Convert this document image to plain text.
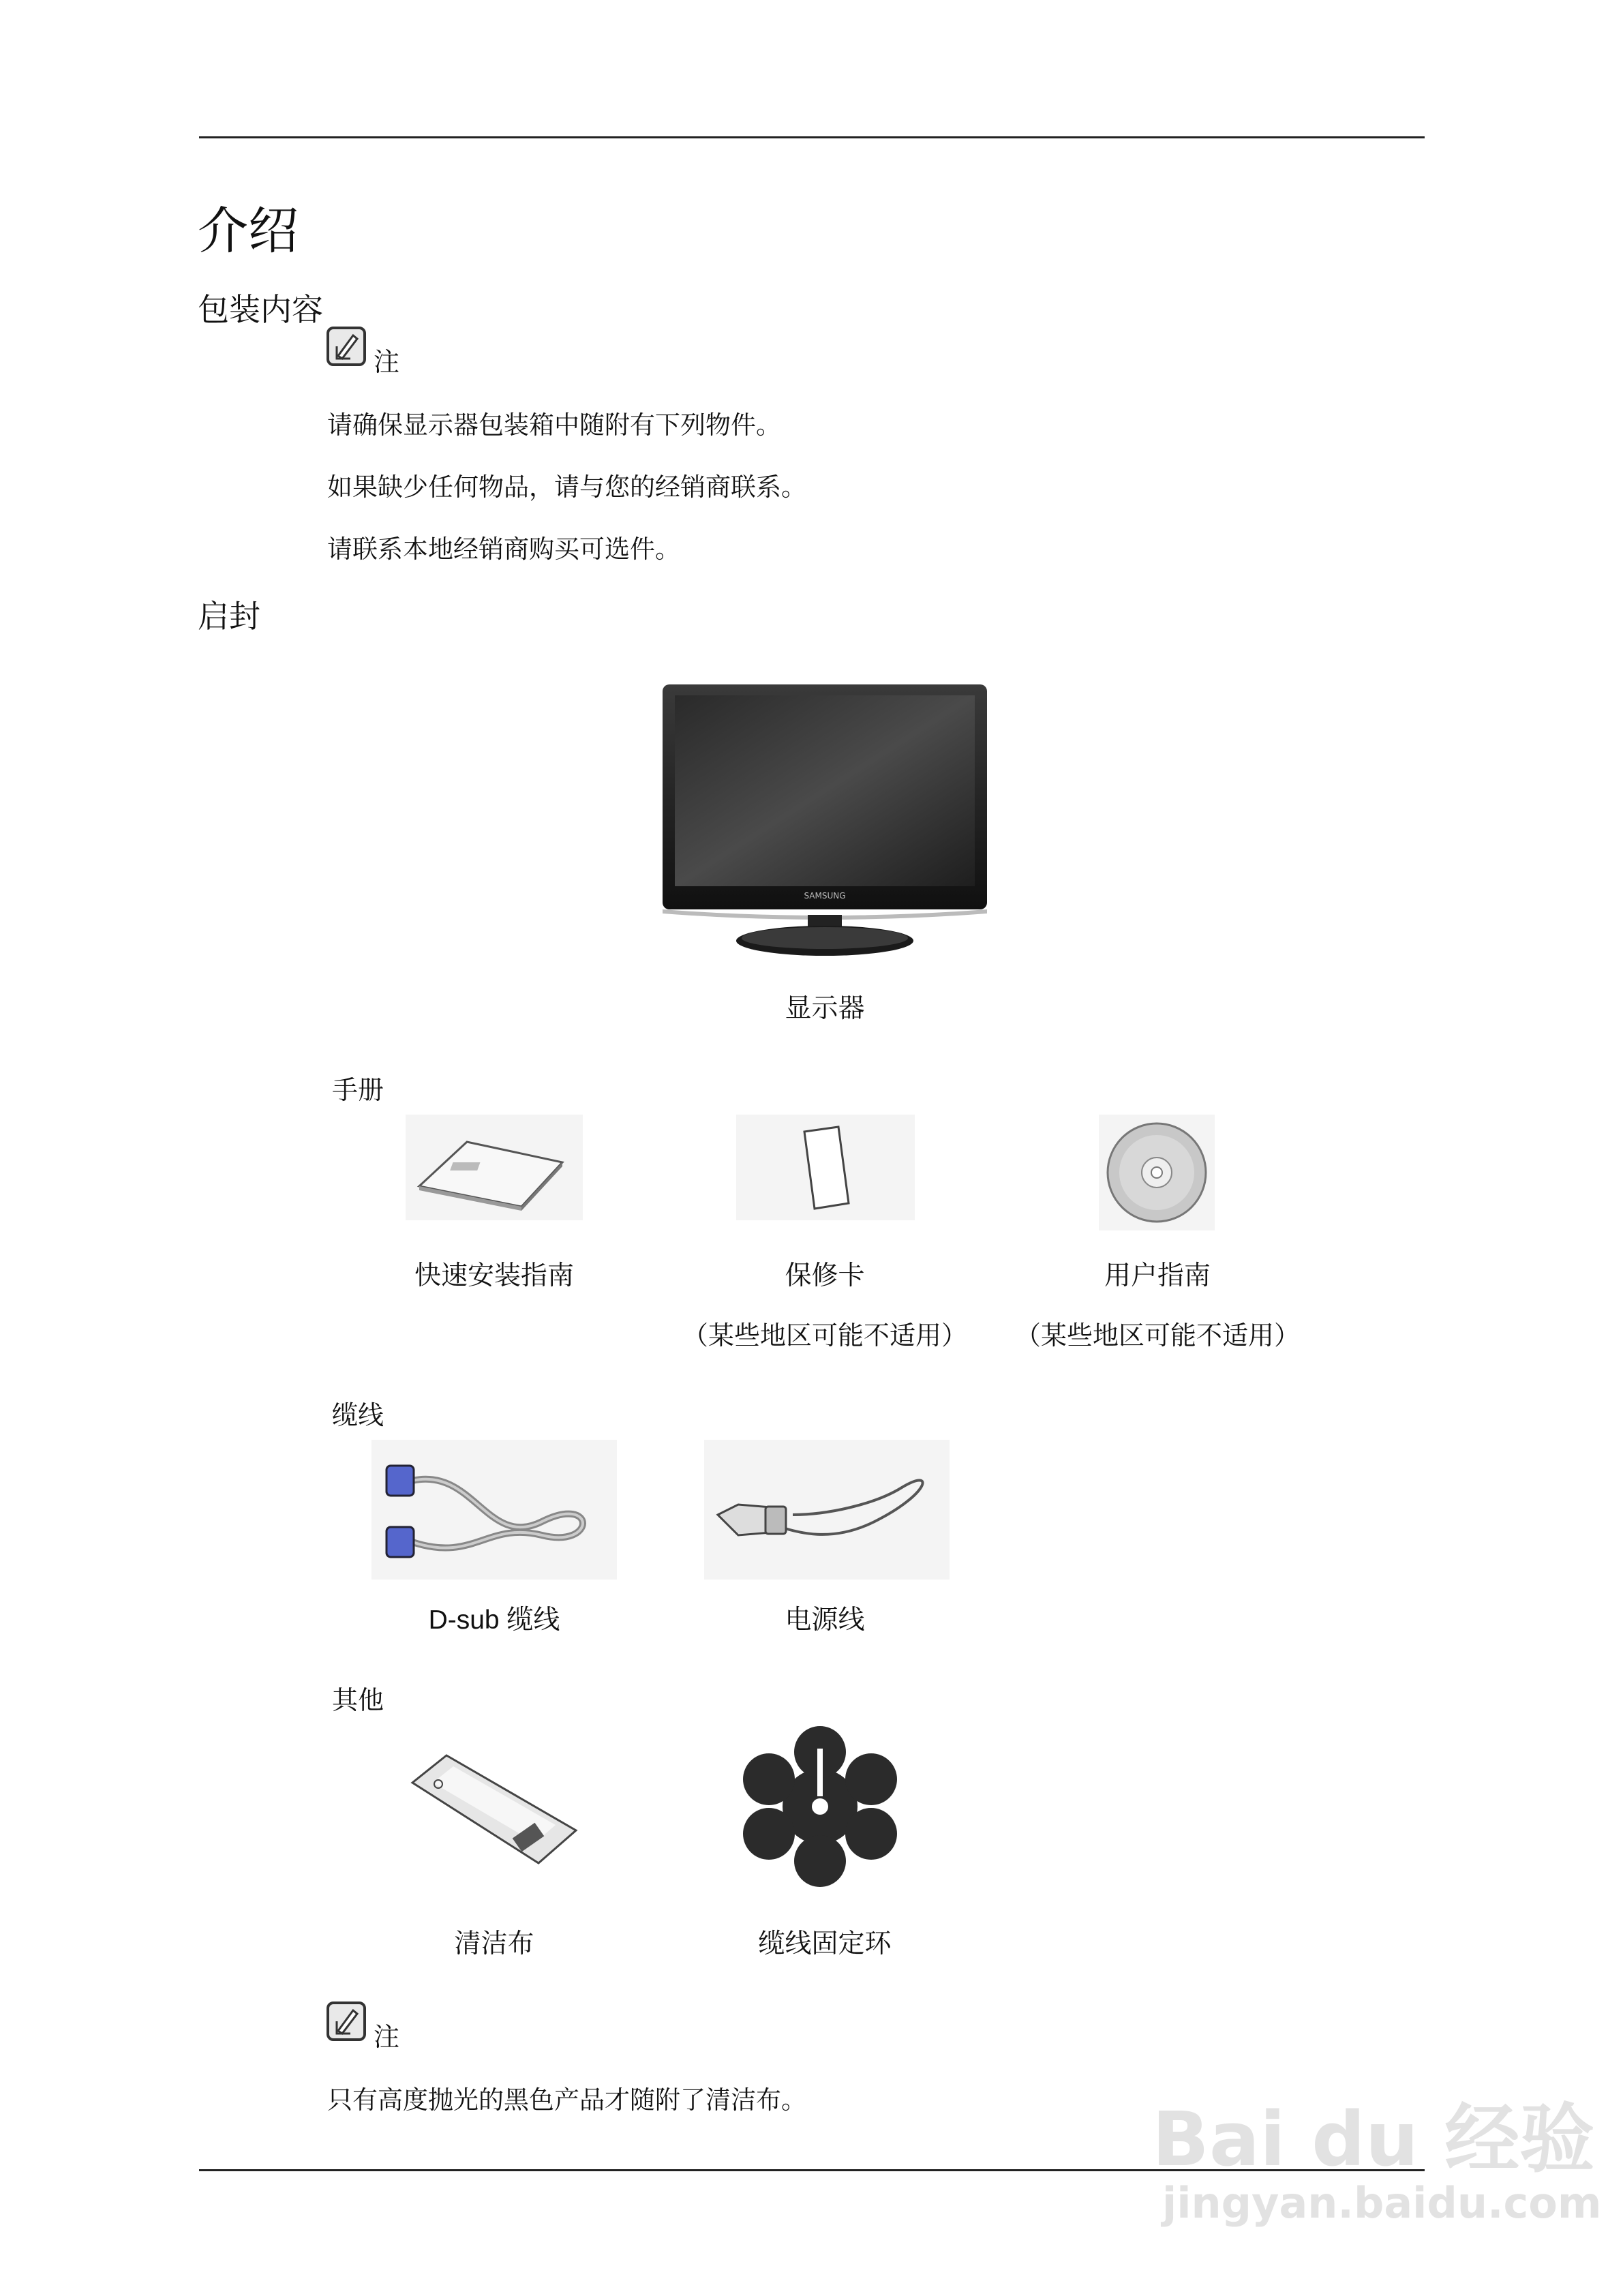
介绍
包装内容
注
请确保显示器包装箱中随附有下列物件。
如果缺少任何物品，请与您的经销商联系。
请联系本地经销商购买可选件。
启封
SAMSUNG
显示器
手册
快速安装指南	保修卡	用户指南
（某些地区可能不适用）	（某些地区可能不适用）
缆线
D-sub 缆线	电源线
其他
清洁布	缆线固定环
注
只有高度抛光的黑色产品才随附了清洁布。	Bai du 经验
jingyan.baidu.com
